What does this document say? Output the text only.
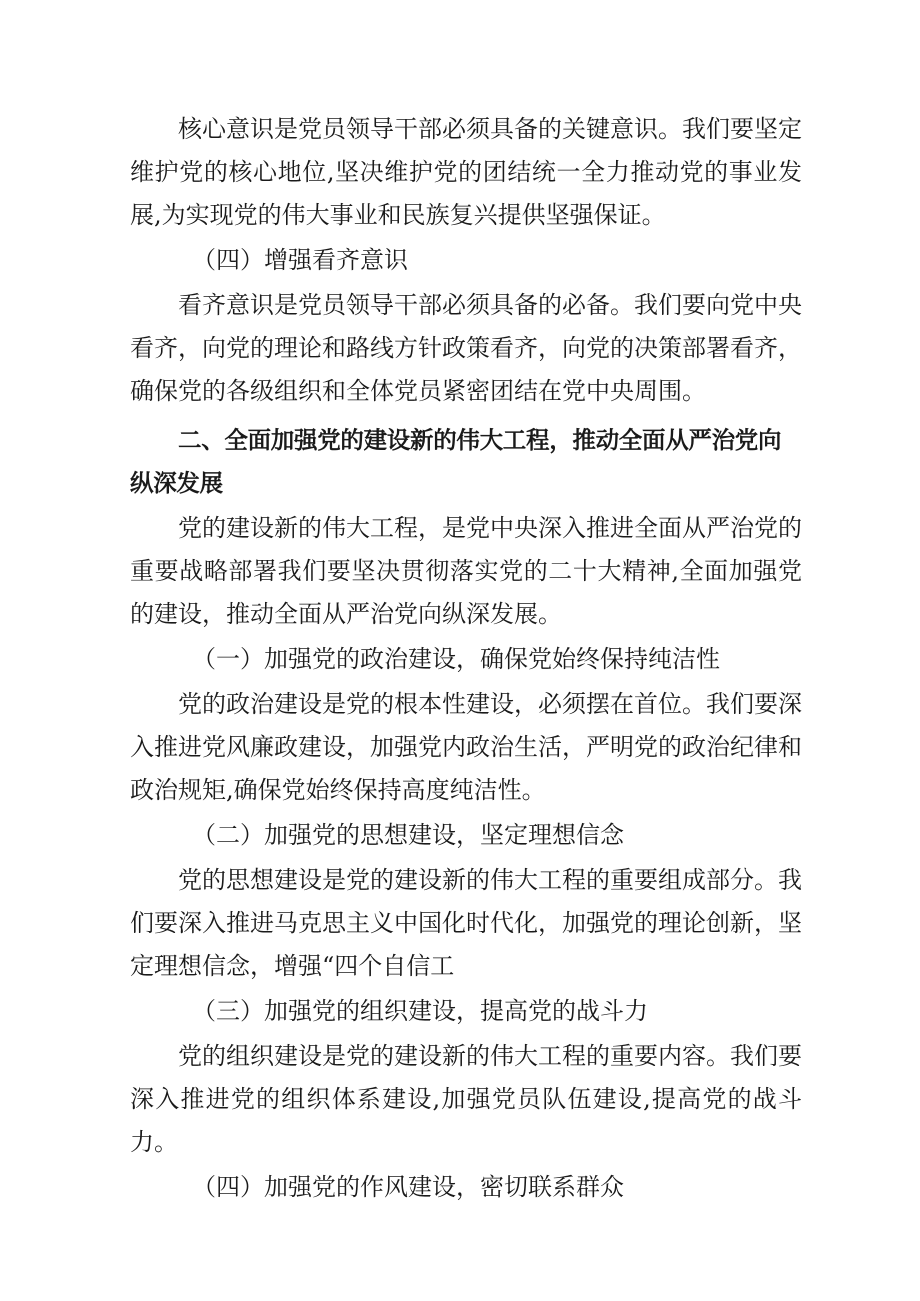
核心意识是党员领导干部必须具备的关键意识。我们要坚定维护党的核心地位,坚决维护党的团结统一全力推动党的事业发展,为实现党的伟大事业和民族复兴提供坚强保证。

（四）增强看齐意识

看齐意识是党员领导干部必须具备的必备。我们要向党中央看齐，向党的理论和路线方针政策看齐，向党的决策部署看齐，确保党的各级组织和全体党员紧密团结在党中央周围。

二、全面加强党的建设新的伟大工程，推动全面从严治党向纵深发展

党的建设新的伟大工程，是党中央深入推进全面从严治党的重要战略部署我们要坚决贯彻落实党的二十大精神,全面加强党的建设，推动全面从严治党向纵深发展。

（一）加强党的政治建设，确保党始终保持纯洁性

党的政治建设是党的根本性建设，必须摆在首位。我们要深入推进党风廉政建设，加强党内政治生活，严明党的政治纪律和政治规矩,确保党始终保持高度纯洁性。

（二）加强党的思想建设，坚定理想信念

党的思想建设是党的建设新的伟大工程的重要组成部分。我们要深入推进马克思主义中国化时代化，加强党的理论创新，坚定理想信念，增强“四个自信工

（三）加强党的组织建设，提高党的战斗力

党的组织建设是党的建设新的伟大工程的重要内容。我们要深入推进党的组织体系建设,加强党员队伍建设,提高党的战斗力。

（四）加强党的作风建设，密切联系群众
